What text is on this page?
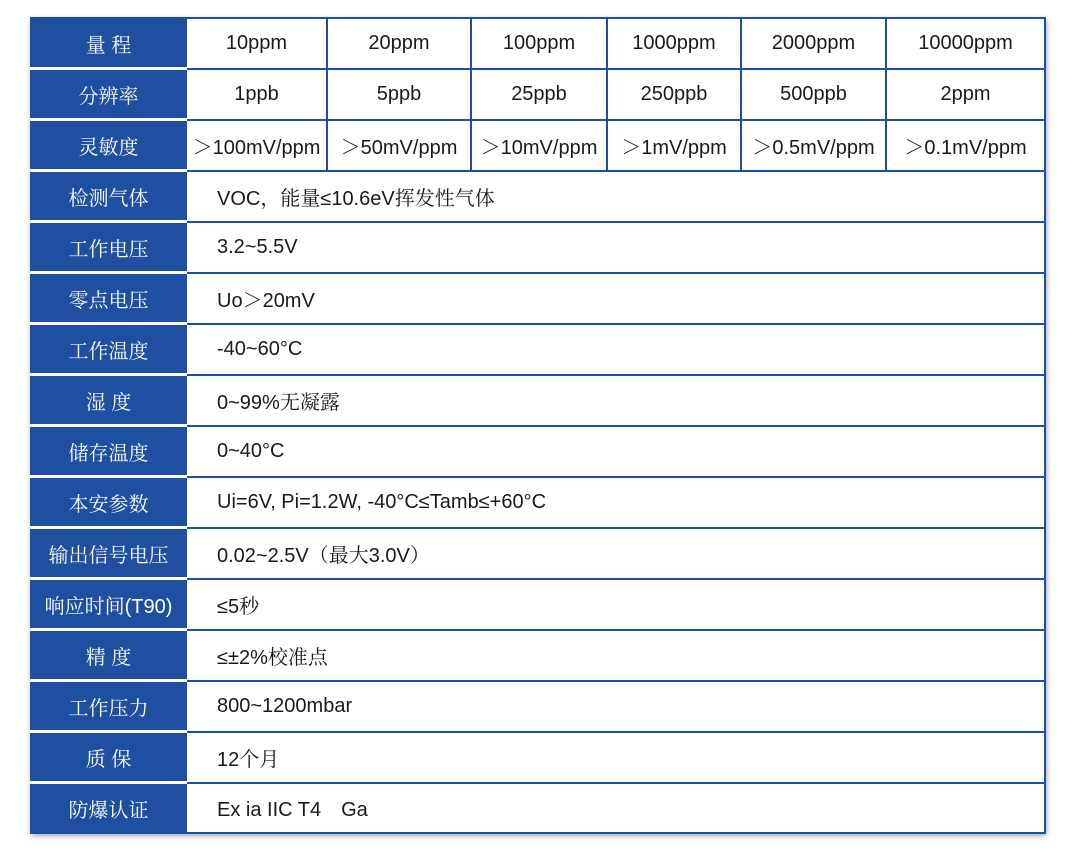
量 程	10ppm	20ppm	100ppm	1000ppm	2000ppm	10000ppm
分辨率	1ppb	5ppb	25ppb	250ppb	500ppb	2ppm
灵敏度	＞100mV/ppm	＞50mV/ppm	＞10mV/ppm	＞1mV/ppm	＞0.5mV/ppm	＞0.1mV/ppm
检测气体	VOC，能量≤10.6eV挥发性气体					
工作电压	3.2~5.5V					
零点电压	Uo＞20mV					
工作温度	-40~60°C					
湿 度	0~99%无凝露					
储存温度	0~40°C					
本安参数	Ui=6V, Pi=1.2W, -40°C≤Tamb≤+60°C					
输出信号电压	0.02~2.5V（最大3.0V）					
响应时间(T90)	≤5秒					
精 度	≤±2%校准点					
工作压力	800~1200mbar					
质 保	12个月					
防爆认证	Ex ia IIC T4　Ga					
